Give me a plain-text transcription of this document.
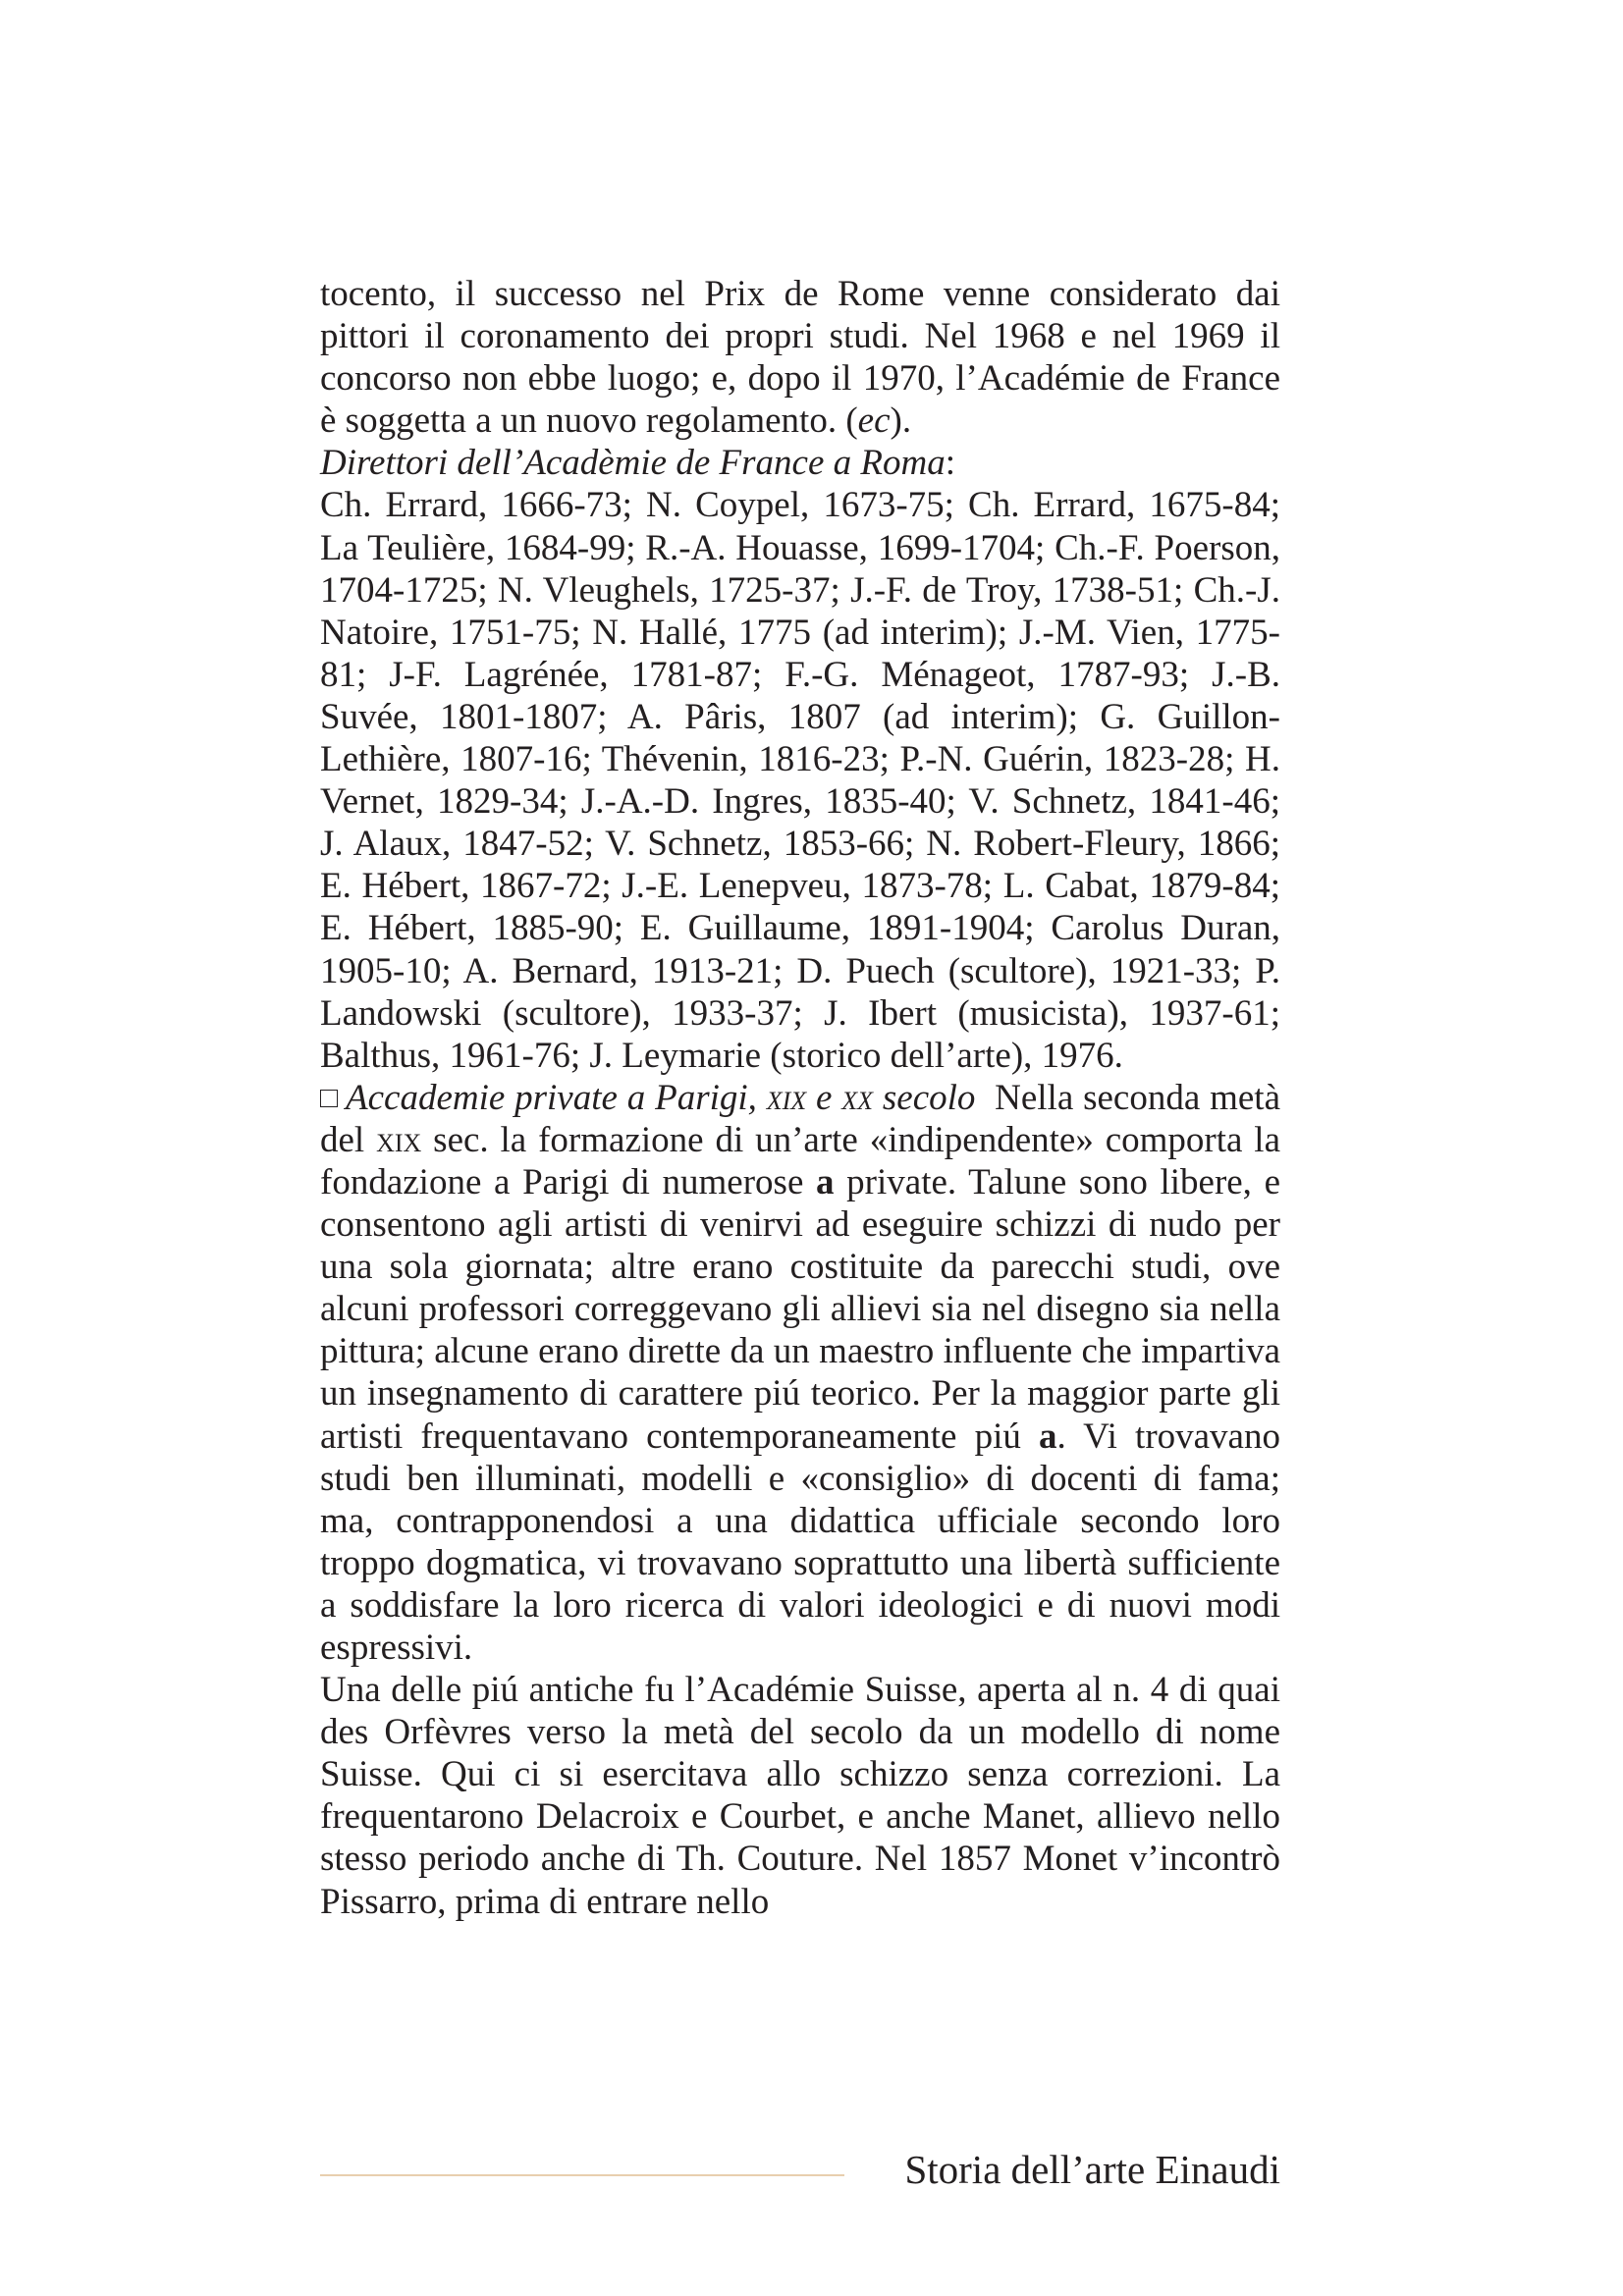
tocento, il successo nel Prix de Rome venne considerato dai pittori il coronamento dei propri studi. Nel 1968 e nel 1969 il concorso non ebbe luogo; e, dopo il 1970, l’Académie de France è soggetta a un nuovo regolamento. (ec).

Direttori dell’Acadèmie de France a Roma:

Ch. Errard, 1666-73; N. Coypel, 1673-75; Ch. Errard, 1675-84; La Teulière, 1684-99; R.-A. Houasse, 1699-1704; Ch.-F. Poerson, 1704-1725; N. Vleughels, 1725-37; J.-F. de Troy, 1738-51; Ch.-J. Natoire, 1751-75; N. Hallé, 1775 (ad interim); J.-M. Vien, 1775-81; J-F. Lagrénée, 1781-87; F.-G. Ménageot, 1787-93; J.-B. Suvée, 1801-1807; A. Pâris, 1807 (ad interim); G. Guillon-Lethière, 1807-16; Thévenin, 1816-23; P.-N. Guérin, 1823-28; H. Vernet, 1829-34; J.-A.-D. Ingres, 1835-40; V. Schnetz, 1841-46; J. Alaux, 1847-52; V. Schnetz, 1853-66; N. Robert-Fleury, 1866; E. Hébert, 1867-72; J.-E. Lenepveu, 1873-78; L. Cabat, 1879-84; E. Hébert, 1885-90; E. Guillaume, 1891-1904; Carolus Duran, 1905-10; A. Bernard, 1913-21; D. Puech (scultore), 1921-33; P. Landowski (scultore), 1933-37; J. Ibert (musicista), 1937-61; Balthus, 1961-76; J. Leymarie (storico dell’arte), 1976.

Accademie private a Parigi, xix e xx secolo Nella seconda metà del xix sec. la formazione di un’arte «indipendente» comporta la fondazione a Parigi di numerose a private. Talune sono libere, e consentono agli artisti di venirvi ad eseguire schizzi di nudo per una sola giornata; altre erano costituite da parecchi studi, ove alcuni professori correggevano gli allievi sia nel disegno sia nella pittura; alcune erano dirette da un maestro influente che impartiva un insegnamento di carattere piú teorico. Per la maggior parte gli artisti frequentavano contemporaneamente piú a. Vi trovavano studi ben illuminati, modelli e «consiglio» di docenti di fama; ma, contrapponendosi a una didattica ufficiale secondo loro troppo dogmatica, vi trovavano soprattutto una libertà sufficiente a soddisfare la loro ricerca di valori ideologici e di nuovi modi espressivi.

Una delle piú antiche fu l’Académie Suisse, aperta al n. 4 di quai des Orfèvres verso la metà del secolo da un modello di nome Suisse. Qui ci si esercitava allo schizzo senza correzioni. La frequentarono Delacroix e Courbet, e anche Manet, allievo nello stesso periodo anche di Th. Couture. Nel 1857 Monet v’incontrò Pissarro, prima di entrare nello

Storia dell’arte Einaudi
